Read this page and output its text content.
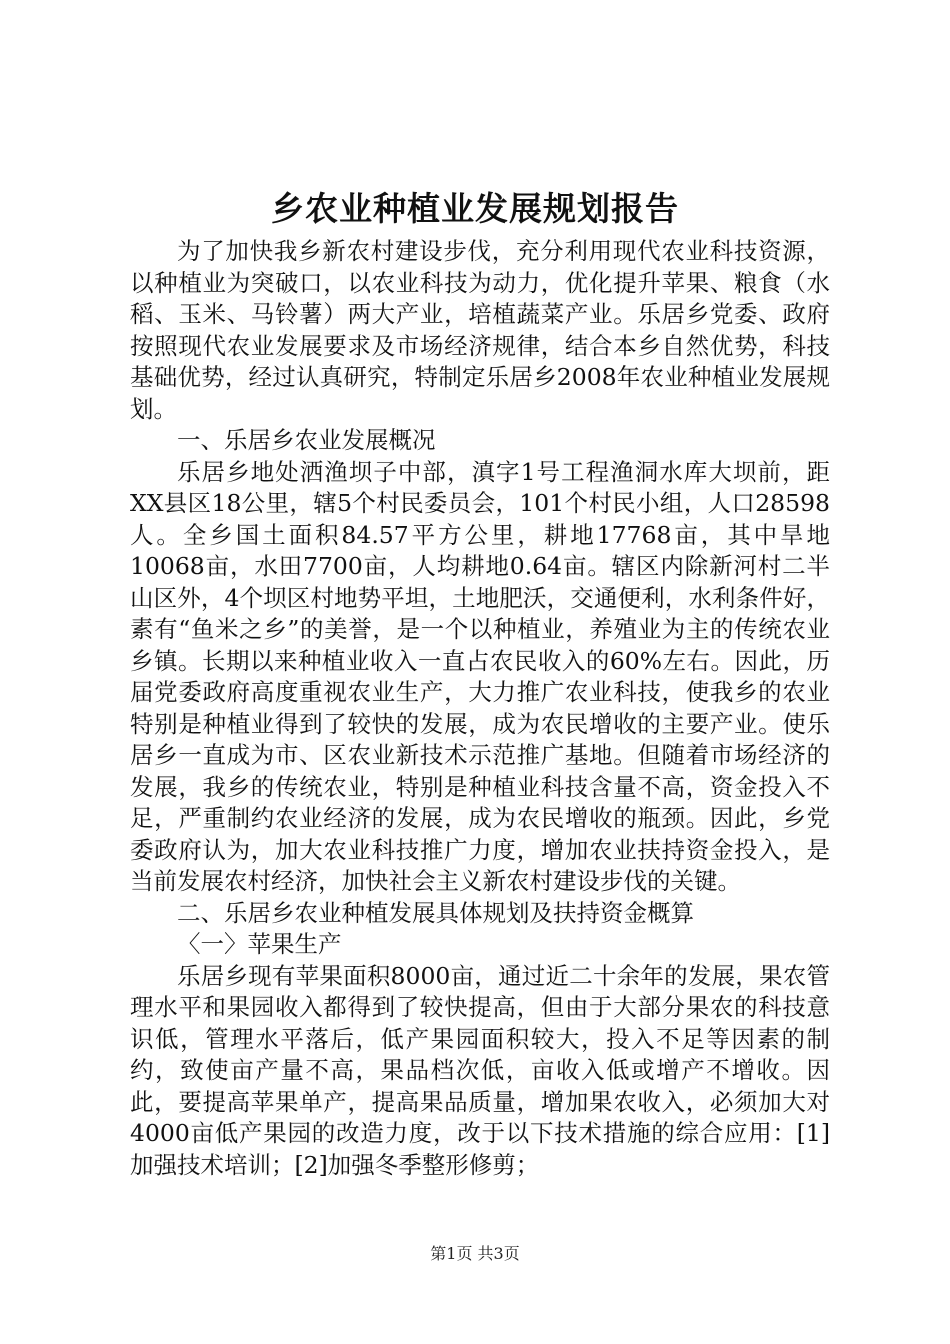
乡农业种植业发展规划报告

为了加快我乡新农村建设步伐，充分利用现代农业科技资源，以种植业为突破口，以农业科技为动力，优化提升苹果、粮食（水稻、玉米、马铃薯）两大产业，培植蔬菜产业。乐居乡党委、政府按照现代农业发展要求及市场经济规律，结合本乡自然优势，科技基础优势，经过认真研究，特制定乐居乡2008年农业种植业发展规划。

一、乐居乡农业发展概况

乐居乡地处洒渔坝子中部，滇字1号工程渔洞水库大坝前，距XX县区18公里，辖5个村民委员会，101个村民小组，人口28598人。全乡国土面积84.57平方公里，耕地17768亩，其中旱地10068亩，水田7700亩，人均耕地0.64亩。辖区内除新河村二半山区外，4个坝区村地势平坦，土地肥沃，交通便利，水利条件好，素有“鱼米之乡”的美誉，是一个以种植业，养殖业为主的传统农业乡镇。长期以来种植业收入一直占农民收入的60%左右。因此，历届党委政府高度重视农业生产，大力推广农业科技，使我乡的农业特别是种植业得到了较快的发展，成为农民增收的主要产业。使乐居乡一直成为市、区农业新技术示范推广基地。但随着市场经济的发展，我乡的传统农业，特别是种植业科技含量不高，资金投入不足，严重制约农业经济的发展，成为农民增收的瓶颈。因此，乡党委政府认为，加大农业科技推广力度，增加农业扶持资金投入，是当前发展农村经济，加快社会主义新农村建设步伐的关键。

二、乐居乡农业种植发展具体规划及扶持资金概算

〈一〉苹果生产

乐居乡现有苹果面积8000亩，通过近二十余年的发展，果农管理水平和果园收入都得到了较快提高，但由于大部分果农的科技意识低，管理水平落后，低产果园面积较大，投入不足等因素的制约，致使亩产量不高，果品档次低，亩收入低或增产不增收。因此，要提高苹果单产，提高果品质量，增加果农收入，必须加大对4000亩低产果园的改造力度，改于以下技术措施的综合应用：[1]加强技术培训；[2]加强冬季整形修剪；

第1页 共3页
